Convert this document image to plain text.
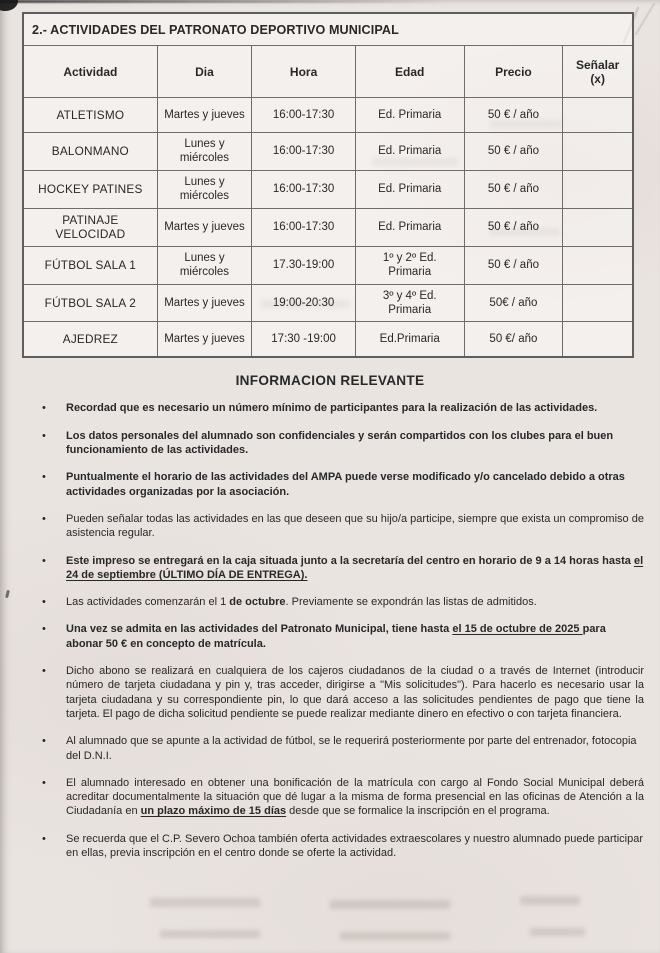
2.- ACTIVIDADES DEL PATRONATO DEPORTIVO MUNICIPAL					
Actividad	Dia	Hora	Edad	Precio	Señalar (x)
ATLETISMO	Martes y jueves	16:00-17:30	Ed. Primaria	50 € / año	
BALONMANO	Lunes y miércoles	16:00-17:30	Ed. Primaria	50 € / año	
HOCKEY PATINES	Lunes y miércoles	16:00-17:30	Ed. Primaria	50 € / año	
PATINAJE VELOCIDAD	Martes y jueves	16:00-17:30	Ed. Primaria	50 € / año	
FÚTBOL SALA 1	Lunes y miércoles	17.30-19:00	1º y 2º Ed. Primaria	50 € / año	
FÚTBOL SALA 2	Martes y jueves	19:00-20:30	3º y 4º Ed. Primaria	50€ / año	
AJEDREZ	Martes y jueves	17:30 -19:00	Ed.Primaria	50 €/ año	
INFORMACION RELEVANTE
•	Recordad que es necesario un número mínimo de participantes para la realización de las actividades.
•	Los datos personales del alumnado son confidenciales y serán compartidos con los clubes para el buen funcionamiento de las actividades.
•	Puntualmente el horario de las actividades del AMPA puede verse modificado y/o cancelado debido a otras actividades organizadas por la asociación.
•	Pueden señalar todas las actividades en las que deseen que su hijo/a participe, siempre que exista un compromiso de asistencia regular.
•	Este impreso se entregará en la caja situada junto a la secretaría del centro en horario de 9 a 14 horas hasta el 24 de septiembre (ÚLTIMO DÍA DE ENTREGA).
•	Las actividades comenzarán el 1 de octubre. Previamente se expondrán las listas de admitidos.
•	Una vez se admita en las actividades del Patronato Municipal, tiene hasta el 15 de octubre de 2025 para abonar 50 € en concepto de matrícula.
•	Dicho abono se realizará en cualquiera de los cajeros ciudadanos de la ciudad o a través de Internet (introducir número de tarjeta ciudadana y pin y, tras acceder, dirigirse a "Mis solicitudes"). Para hacerlo es necesario usar la tarjeta ciudadana y su correspondiente pin, lo que dará acceso a las solicitudes pendientes de pago que tiene la tarjeta. El pago de dicha solicitud pendiente se puede realizar mediante dinero en efectivo o con tarjeta financiera.
•	Al alumnado que se apunte a la actividad de fútbol, se le requerirá posteriormente por parte del entrenador, fotocopia del D.N.I.
•	El alumnado interesado en obtener una bonificación de la matrícula con cargo al Fondo Social Municipal deberá acreditar documentalmente la situación que dé lugar a la misma de forma presencial en las oficinas de Atención a la Ciudadanía en un plazo máximo de 15 días desde que se formalice la inscripción en el programa.
•	Se recuerda que el C.P. Severo Ochoa también oferta actividades extraescolares y nuestro alumnado puede participar en ellas, previa inscripción en el centro donde se oferte la actividad.
